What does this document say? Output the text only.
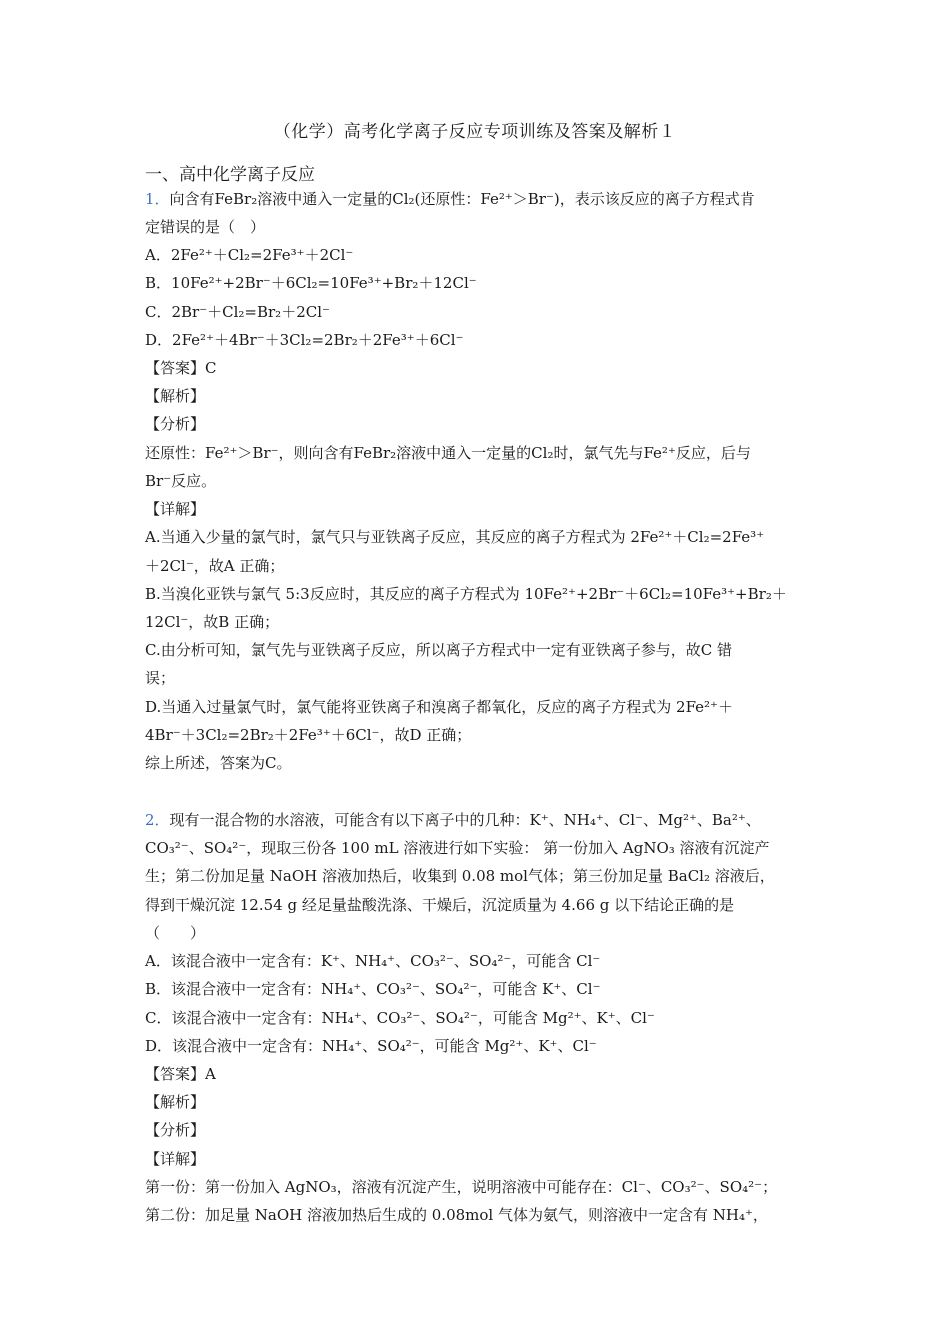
（化学）高考化学离子反应专项训练及答案及解析１
一、高中化学离子反应
1．向含有FeBr₂溶液中通入一定量的Cl₂(还原性：Fe²⁺＞Br⁻)，表示该反应的离子方程式肯
定错误的是（　）
A．2Fe²⁺＋Cl₂=2Fe³⁺＋2Cl⁻
B．10Fe²⁺+2Br⁻＋6Cl₂=10Fe³⁺+Br₂＋12Cl⁻
C．2Br⁻＋Cl₂=Br₂＋2Cl⁻
D．2Fe²⁺＋4Br⁻＋3Cl₂=2Br₂＋2Fe³⁺＋6Cl⁻
【答案】C
【解析】
【分析】
还原性：Fe²⁺＞Br⁻，则向含有FeBr₂溶液中通入一定量的Cl₂时，氯气先与Fe²⁺反应，后与
Br⁻反应。
【详解】
A.当通入少量的氯气时，氯气只与亚铁离子反应，其反应的离子方程式为 2Fe²⁺＋Cl₂=2Fe³⁺
＋2Cl⁻，故A 正确；
B.当溴化亚铁与氯气 5:3反应时，其反应的离子方程式为 10Fe²⁺+2Br⁻＋6Cl₂=10Fe³⁺+Br₂＋
12Cl⁻，故B 正确；
C.由分析可知，氯气先与亚铁离子反应，所以离子方程式中一定有亚铁离子参与，故C 错
误；
D.当通入过量氯气时，氯气能将亚铁离子和溴离子都氧化，反应的离子方程式为 2Fe²⁺＋
4Br⁻＋3Cl₂=2Br₂＋2Fe³⁺＋6Cl⁻，故D 正确；
综上所述，答案为C。
2．现有一混合物的水溶液，可能含有以下离子中的几种：K⁺、NH₄⁺、Cl⁻、Mg²⁺、Ba²⁺、
CO₃²⁻、SO₄²⁻，现取三份各 100 mL 溶液进行如下实验： 第一份加入 AgNO₃ 溶液有沉淀产
生；第二份加足量 NaOH 溶液加热后，收集到 0.08 mol气体；第三份加足量 BaCl₂ 溶液后，
得到干燥沉淀 12.54 g 经足量盐酸洗涤、干燥后，沉淀质量为 4.66 g 以下结论正确的是
（　　）
A．该混合液中一定含有：K⁺、NH₄⁺、CO₃²⁻、SO₄²⁻，可能含 Cl⁻
B．该混合液中一定含有：NH₄⁺、CO₃²⁻、SO₄²⁻，可能含 K⁺、Cl⁻
C．该混合液中一定含有：NH₄⁺、CO₃²⁻、SO₄²⁻，可能含 Mg²⁺、K⁺、Cl⁻
D．该混合液中一定含有：NH₄⁺、SO₄²⁻，可能含 Mg²⁺、K⁺、Cl⁻
【答案】A
【解析】
【分析】
【详解】
第一份：第一份加入 AgNO₃，溶液有沉淀产生，说明溶液中可能存在：Cl⁻、CO₃²⁻、SO₄²⁻；
第二份：加足量 NaOH 溶液加热后生成的 0.08mol 气体为氨气，则溶液中一定含有 NH₄⁺，
